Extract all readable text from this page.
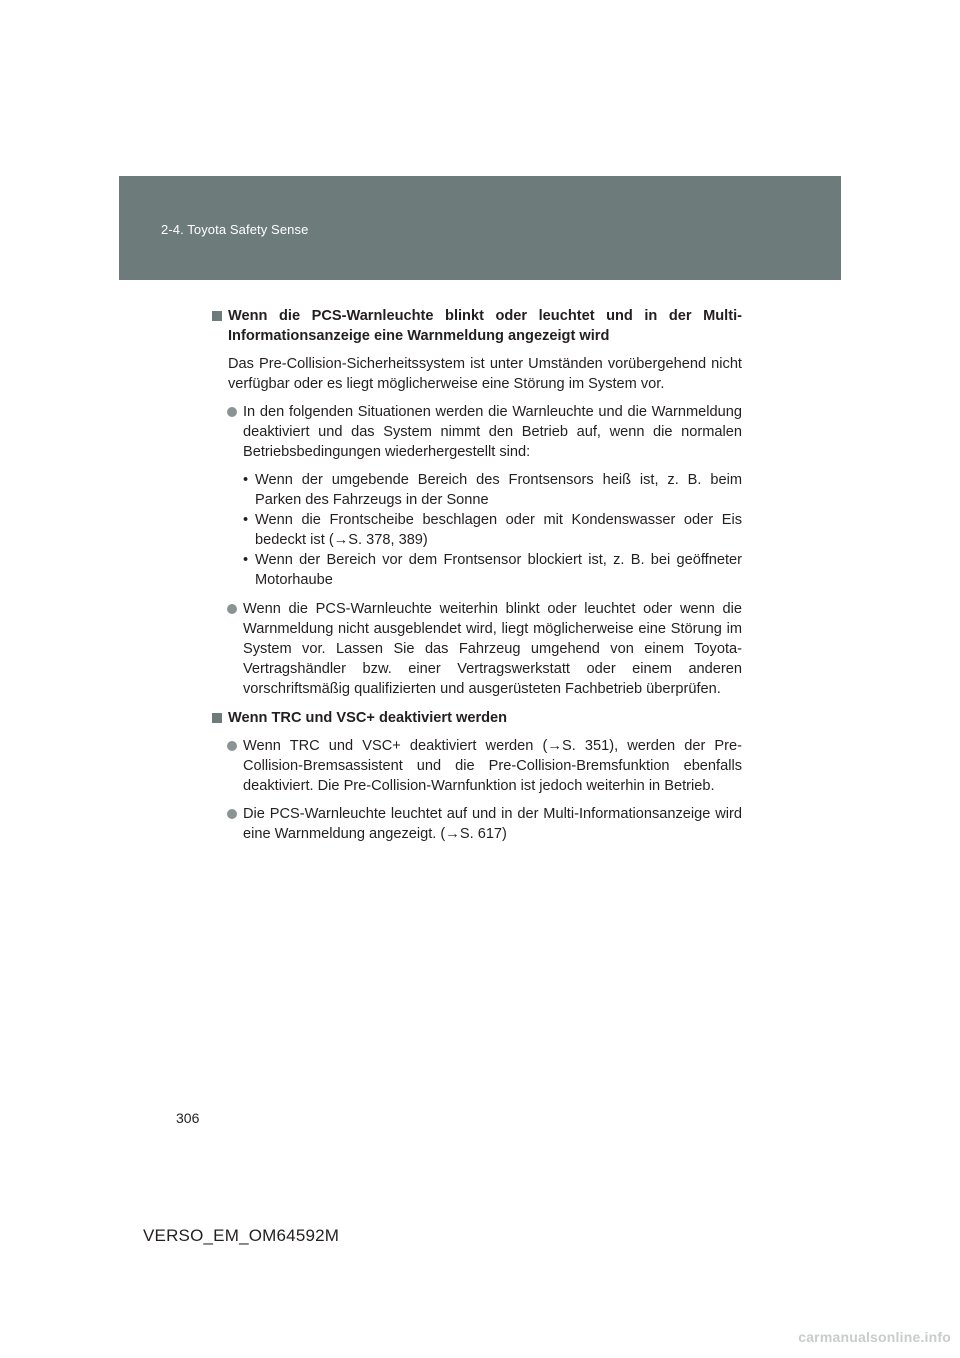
2-4. Toyota Safety Sense
Wenn die PCS-Warnleuchte blinkt oder leuchtet und in der Multi-Informationsanzeige eine Warnmeldung angezeigt wird
Das Pre-Collision-Sicherheitssystem ist unter Umständen vorübergehend nicht verfügbar oder es liegt möglicherweise eine Störung im System vor.
In den folgenden Situationen werden die Warnleuchte und die Warnmeldung deaktiviert und das System nimmt den Betrieb auf, wenn die normalen Betriebsbedingungen wiederhergestellt sind:
• Wenn der umgebende Bereich des Frontsensors heiß ist, z. B. beim Parken des Fahrzeugs in der Sonne
• Wenn die Frontscheibe beschlagen oder mit Kondenswasser oder Eis bedeckt ist (→S. 378, 389)
• Wenn der Bereich vor dem Frontsensor blockiert ist, z. B. bei geöffneter Motorhaube
Wenn die PCS-Warnleuchte weiterhin blinkt oder leuchtet oder wenn die Warnmeldung nicht ausgeblendet wird, liegt möglicherweise eine Störung im System vor. Lassen Sie das Fahrzeug umgehend von einem Toyota-Vertragshändler bzw. einer Vertragswerkstatt oder einem anderen vorschriftsmäßig qualifizierten und ausgerüsteten Fachbetrieb überprüfen.
Wenn TRC und VSC+ deaktiviert werden
Wenn TRC und VSC+ deaktiviert werden (→S. 351), werden der Pre-Collision-Bremsassistent und die Pre-Collision-Bremsfunktion ebenfalls deaktiviert. Die Pre-Collision-Warnfunktion ist jedoch weiterhin in Betrieb.
Die PCS-Warnleuchte leuchtet auf und in der Multi-Informationsanzeige wird eine Warnmeldung angezeigt. (→S. 617)
306
VERSO_EM_OM64592M
carmanualsonline.info
